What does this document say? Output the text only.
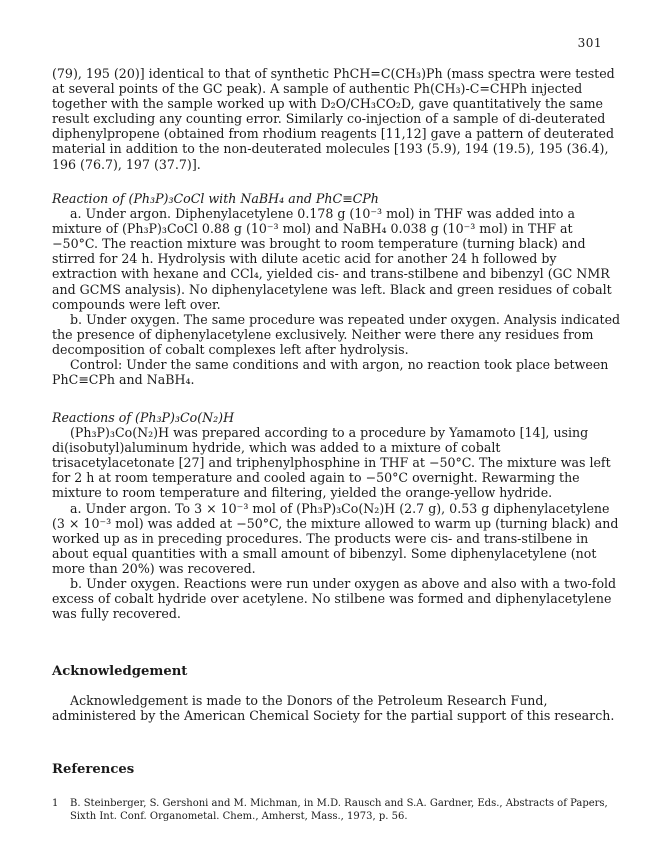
301

(79), 195 (20)] identical to that of synthetic PhCH=C(CH₃)Ph (mass spectra were tested at several points of the GC peak). A sample of authentic Ph(CH₃)-C=CHPh injected together with the sample worked up with D₂O/CH₃CO₂D, gave quantitatively the same result excluding any counting error. Similarly co-injection of a sample of di-deuterated diphenylpropene (obtained from rhodium reagents [11,12] gave a pattern of deuterated material in addition to the non-deuterated molecules [193 (5.9), 194 (19.5), 195 (36.4), 196 (76.7), 197 (37.7)].

Reaction of (Ph₃P)₃CoCl with NaBH₄ and PhC≡CPh

a. Under argon. Diphenylacetylene 0.178 g (10⁻³ mol) in THF was added into a mixture of (Ph₃P)₃CoCl 0.88 g (10⁻³ mol) and NaBH₄ 0.038 g (10⁻³ mol) in THF at −50°C. The reaction mixture was brought to room temperature (turning black) and stirred for 24 h. Hydrolysis with dilute acetic acid for another 24 h followed by extraction with hexane and CCl₄, yielded cis- and trans-stilbene and bibenzyl (GC NMR and GCMS analysis). No diphenylacetylene was left. Black and green residues of cobalt compounds were left over.

b. Under oxygen. The same procedure was repeated under oxygen. Analysis indicated the presence of diphenylacetylene exclusively. Neither were there any residues from decomposition of cobalt complexes left after hydrolysis.

Control: Under the same conditions and with argon, no reaction took place between PhC≡CPh and NaBH₄.

Reactions of (Ph₃P)₃Co(N₂)H

(Ph₃P)₃Co(N₂)H was prepared according to a procedure by Yamamoto [14], using di(isobutyl)aluminum hydride, which was added to a mixture of cobalt trisacetylacetonate [27] and triphenylphosphine in THF at −50°C. The mixture was left for 2 h at room temperature and cooled again to −50°C overnight. Rewarming the mixture to room temperature and filtering, yielded the orange-yellow hydride.

a. Under argon. To 3 × 10⁻³ mol of (Ph₃P)₃Co(N₂)H (2.7 g), 0.53 g diphenylacetylene (3 × 10⁻³ mol) was added at −50°C, the mixture allowed to warm up (turning black) and worked up as in preceding procedures. The products were cis- and trans-stilbene in about equal quantities with a small amount of bibenzyl. Some diphenylacetylene (not more than 20%) was recovered.

b. Under oxygen. Reactions were run under oxygen as above and also with a two-fold excess of cobalt hydride over acetylene. No stilbene was formed and diphenylacetylene was fully recovered.

Acknowledgement

Acknowledgement is made to the Donors of the Petroleum Research Fund, administered by the American Chemical Society for the partial support of this research.

References

1	B. Steinberger, S. Gershoni and M. Michman, in M.D. Rausch and S.A. Gardner, Eds., Abstracts of Papers, Sixth Int. Conf. Organometal. Chem., Amherst, Mass., 1973, p. 56.
